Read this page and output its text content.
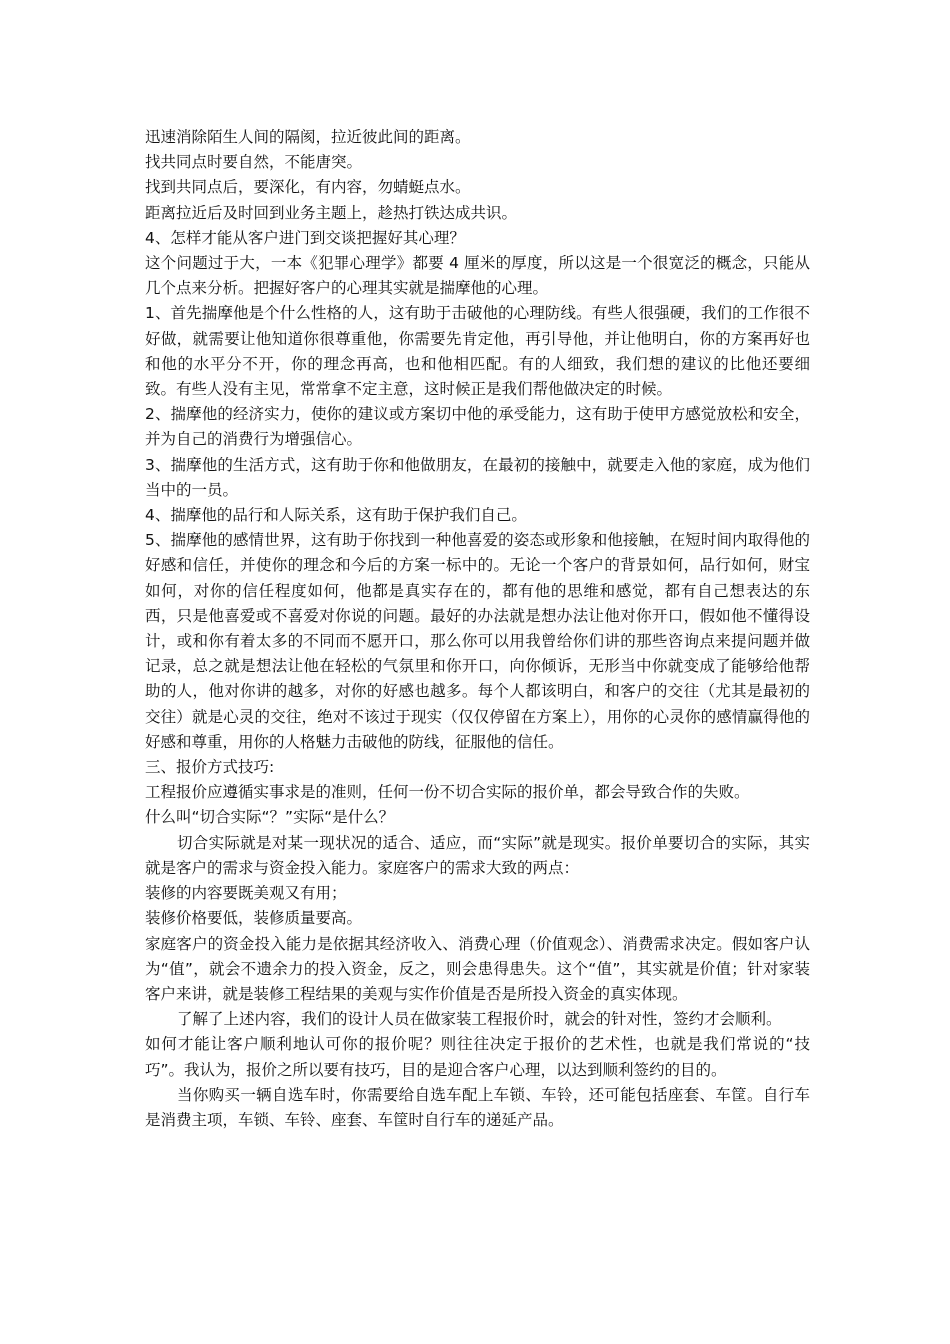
迅速消除陌生人间的隔阂，拉近彼此间的距离。

找共同点时要自然，不能唐突。

找到共同点后，要深化，有内容，勿蜻蜓点水。

距离拉近后及时回到业务主题上，趁热打铁达成共识。

4、怎样才能从客户进门到交谈把握好其心理？

这个问题过于大，一本《犯罪心理学》都要 4 厘米的厚度，所以这是一个很宽泛的概念，只能从几个点来分析。把握好客户的心理其实就是揣摩他的心理。

1、首先揣摩他是个什么性格的人，这有助于击破他的心理防线。有些人很强硬，我们的工作很不好做，就需要让他知道你很尊重他，你需要先肯定他，再引导他，并让他明白，你的方案再好也和他的水平分不开，你的理念再高，也和他相匹配。有的人细致，我们想的建议的比他还要细致。有些人没有主见，常常拿不定主意，这时候正是我们帮他做决定的时候。

2、揣摩他的经济实力，使你的建议或方案切中他的承受能力，这有助于使甲方感觉放松和安全，并为自己的消费行为增强信心。

3、揣摩他的生活方式，这有助于你和他做朋友，在最初的接触中，就要走入他的家庭，成为他们当中的一员。

4、揣摩他的品行和人际关系，这有助于保护我们自己。

5、揣摩他的感情世界，这有助于你找到一种他喜爱的姿态或形象和他接触，在短时间内取得他的好感和信任，并使你的理念和今后的方案一标中的。无论一个客户的背景如何，品行如何，财宝如何，对你的信任程度如何，他都是真实存在的，都有他的思维和感觉，都有自己想表达的东西，只是他喜爱或不喜爱对你说的问题。最好的办法就是想办法让他对你开口，假如他不懂得设计，或和你有着太多的不同而不愿开口，那么你可以用我曾给你们讲的那些咨询点来提问题并做记录，总之就是想法让他在轻松的气氛里和你开口，向你倾诉，无形当中你就变成了能够给他帮助的人，他对你讲的越多，对你的好感也越多。每个人都该明白，和客户的交往（尤其是最初的交往）就是心灵的交往，绝对不该过于现实（仅仅停留在方案上），用你的心灵你的感情赢得他的好感和尊重，用你的人格魅力击破他的防线，征服他的信任。

三、报价方式技巧:

工程报价应遵循实事求是的准则，任何一份不切合实际的报价单，都会导致合作的失败。

什么叫“切合实际“？”实际“是什么？

切合实际就是对某一现状况的适合、适应，而“实际”就是现实。报价单要切合的实际，其实就是客户的需求与资金投入能力。家庭客户的需求大致的两点：

装修的内容要既美观又有用；

装修价格要低，装修质量要高。

家庭客户的资金投入能力是依据其经济收入、消费心理（价值观念）、消费需求决定。假如客户认为“值”，就会不遗余力的投入资金，反之，则会患得患失。这个“值”，其实就是价值；针对家装客户来讲，就是装修工程结果的美观与实作价值是否是所投入资金的真实体现。

了解了上述内容，我们的设计人员在做家装工程报价时，就会的针对性，签约才会顺利。

如何才能让客户顺利地认可你的报价呢？则往往决定于报价的艺术性，也就是我们常说的“技巧”。我认为，报价之所以要有技巧，目的是迎合客户心理，以达到顺利签约的目的。

当你购买一辆自选车时，你需要给自选车配上车锁、车铃，还可能包括座套、车筐。自行车是消费主项，车锁、车铃、座套、车筐时自行车的递延产品。
